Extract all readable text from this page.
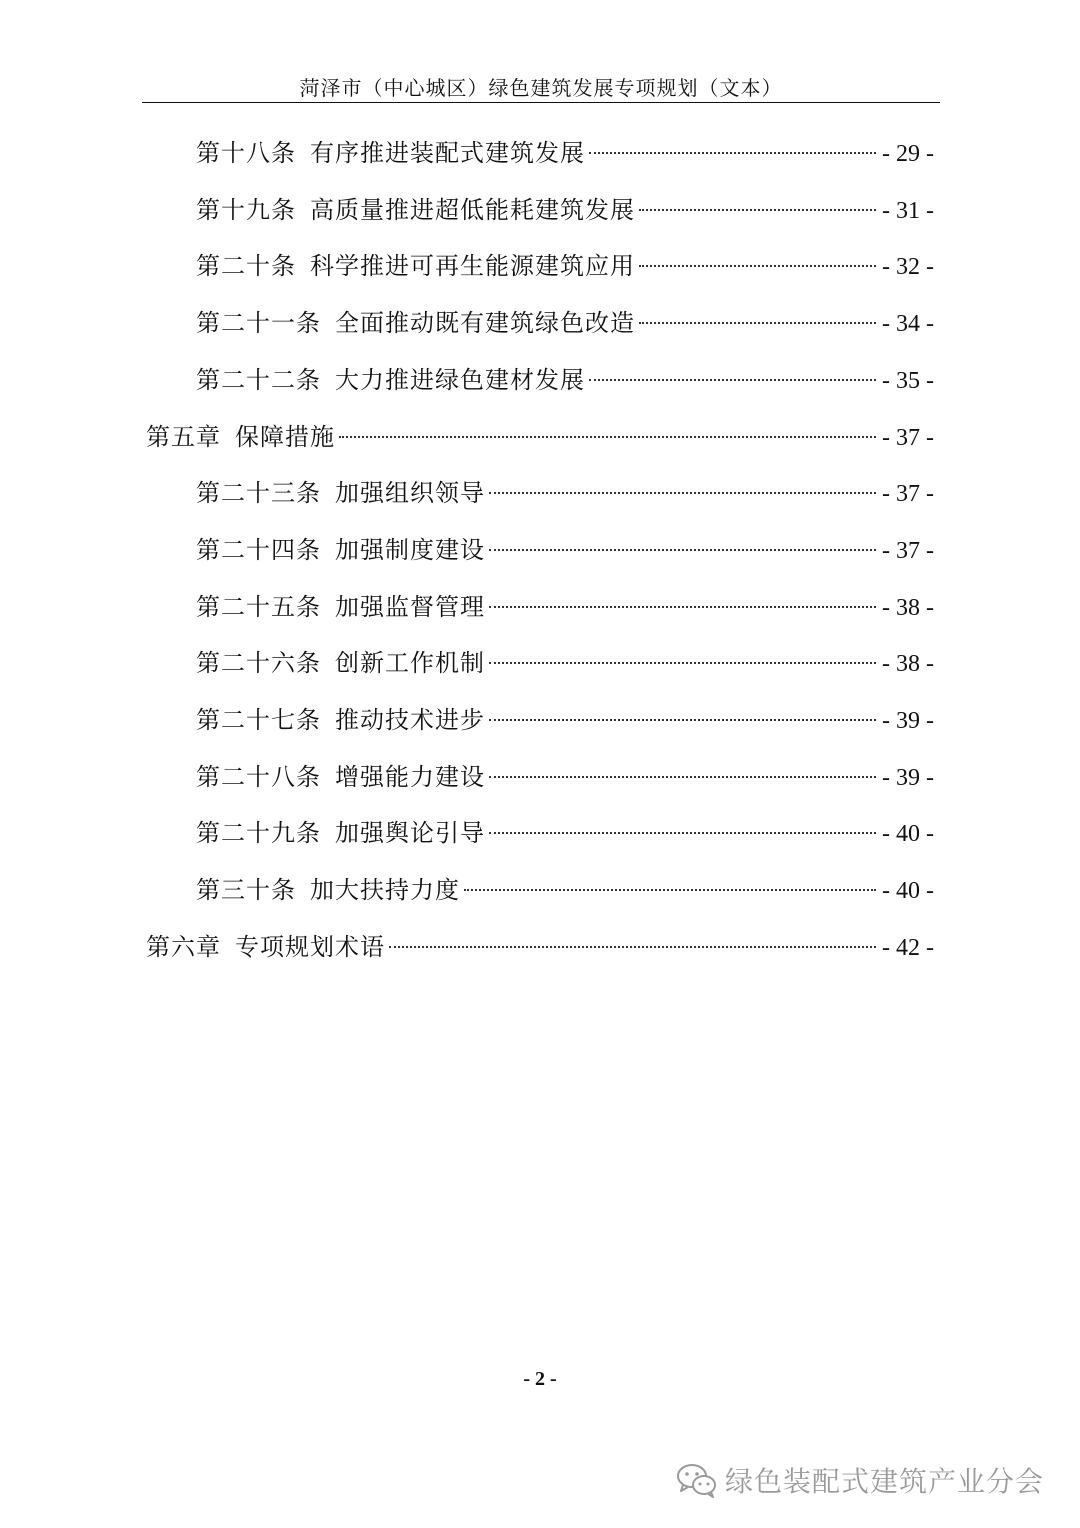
菏泽市（中心城区）绿色建筑发展专项规划（文本）
第十八条 有序推进装配式建筑发展	- 29 -
第十九条 高质量推进超低能耗建筑发展	- 31 -
第二十条 科学推进可再生能源建筑应用	- 32 -
第二十一条 全面推动既有建筑绿色改造	- 34 -
第二十二条 大力推进绿色建材发展	- 35 -
第五章 保障措施	- 37 -
第二十三条 加强组织领导	- 37 -
第二十四条 加强制度建设	- 37 -
第二十五条 加强监督管理	- 38 -
第二十六条 创新工作机制	- 38 -
第二十七条 推动技术进步	- 39 -
第二十八条 增强能力建设	- 39 -
第二十九条 加强舆论引导	- 40 -
第三十条 加大扶持力度	- 40 -
第六章 专项规划术语	- 42 -
- 2 -
绿色装配式建筑产业分会
